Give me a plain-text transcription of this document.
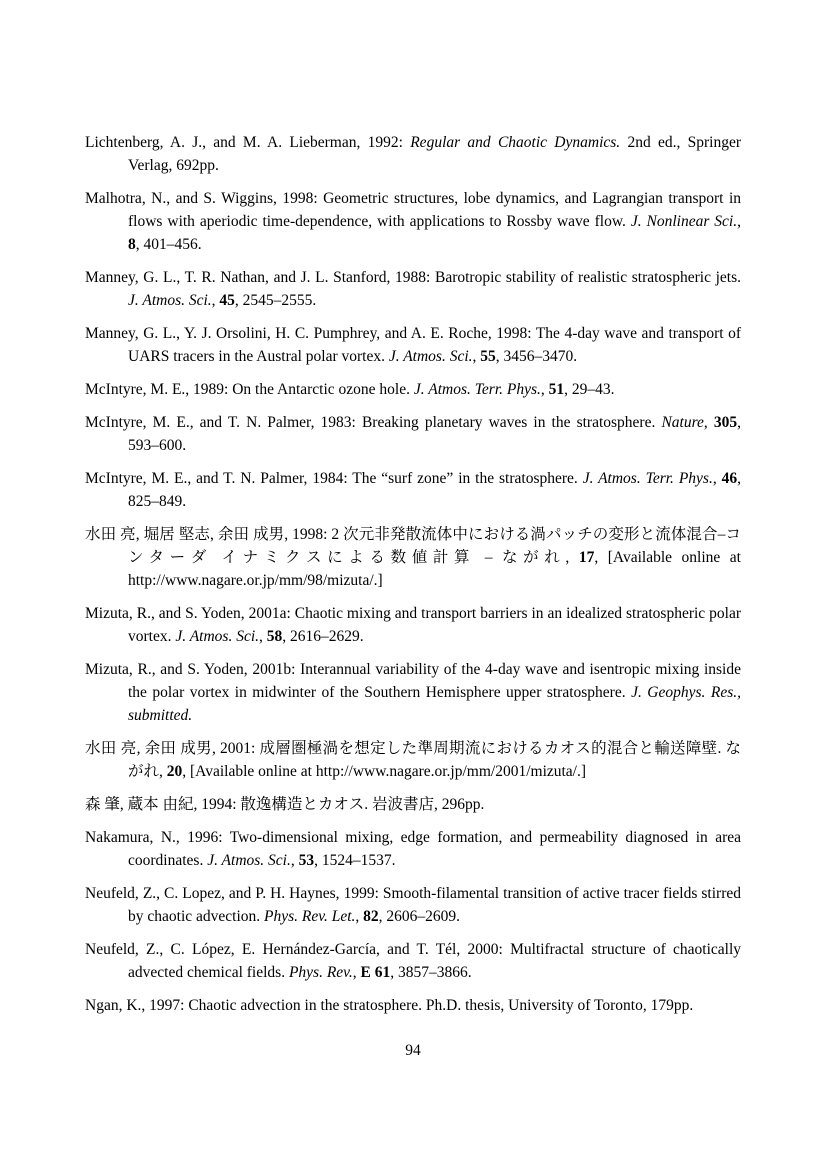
Lichtenberg, A. J., and M. A. Lieberman, 1992: Regular and Chaotic Dynamics. 2nd ed., Springer Verlag, 692pp.

Malhotra, N., and S. Wiggins, 1998: Geometric structures, lobe dynamics, and Lagrangian transport in flows with aperiodic time-dependence, with applications to Rossby wave flow. J. Nonlinear Sci., 8, 401–456.

Manney, G. L., T. R. Nathan, and J. L. Stanford, 1988: Barotropic stability of realistic stratospheric jets. J. Atmos. Sci., 45, 2545–2555.

Manney, G. L., Y. J. Orsolini, H. C. Pumphrey, and A. E. Roche, 1998: The 4-day wave and transport of UARS tracers in the Austral polar vortex. J. Atmos. Sci., 55, 3456–3470.

McIntyre, M. E., 1989: On the Antarctic ozone hole. J. Atmos. Terr. Phys., 51, 29–43.

McIntyre, M. E., and T. N. Palmer, 1983: Breaking planetary waves in the stratosphere. Nature, 305, 593–600.

McIntyre, M. E., and T. N. Palmer, 1984: The “surf zone” in the stratosphere. J. Atmos. Terr. Phys., 46, 825–849.

水田 亮, 堀居 堅志, 余田 成男, 1998: 2 次元非発散流体中における渦パッチの変形と流体混合–コンターダ イナミクスによる数値計算 – ながれ, 17, [Available online at http://www.nagare.or.jp/mm/98/mizuta/.]

Mizuta, R., and S. Yoden, 2001a: Chaotic mixing and transport barriers in an idealized stratospheric polar vortex. J. Atmos. Sci., 58, 2616–2629.

Mizuta, R., and S. Yoden, 2001b: Interannual variability of the 4-day wave and isentropic mixing inside the polar vortex in midwinter of the Southern Hemisphere upper stratosphere. J. Geophys. Res., submitted.

水田 亮, 余田 成男, 2001: 成層圏極渦を想定した準周期流におけるカオス的混合と輸送障壁. ながれ, 20, [Available online at http://www.nagare.or.jp/mm/2001/mizuta/.]

森 肇, 蔵本 由紀, 1994: 散逸構造とカオス. 岩波書店, 296pp.

Nakamura, N., 1996: Two-dimensional mixing, edge formation, and permeability diagnosed in area coordinates. J. Atmos. Sci., 53, 1524–1537.

Neufeld, Z., C. Lopez, and P. H. Haynes, 1999: Smooth-filamental transition of active tracer fields stirred by chaotic advection. Phys. Rev. Let., 82, 2606–2609.

Neufeld, Z., C. López, E. Hernández-García, and T. Tél, 2000: Multifractal structure of chaotically advected chemical fields. Phys. Rev., E 61, 3857–3866.

Ngan, K., 1997: Chaotic advection in the stratosphere. Ph.D. thesis, University of Toronto, 179pp.

94
